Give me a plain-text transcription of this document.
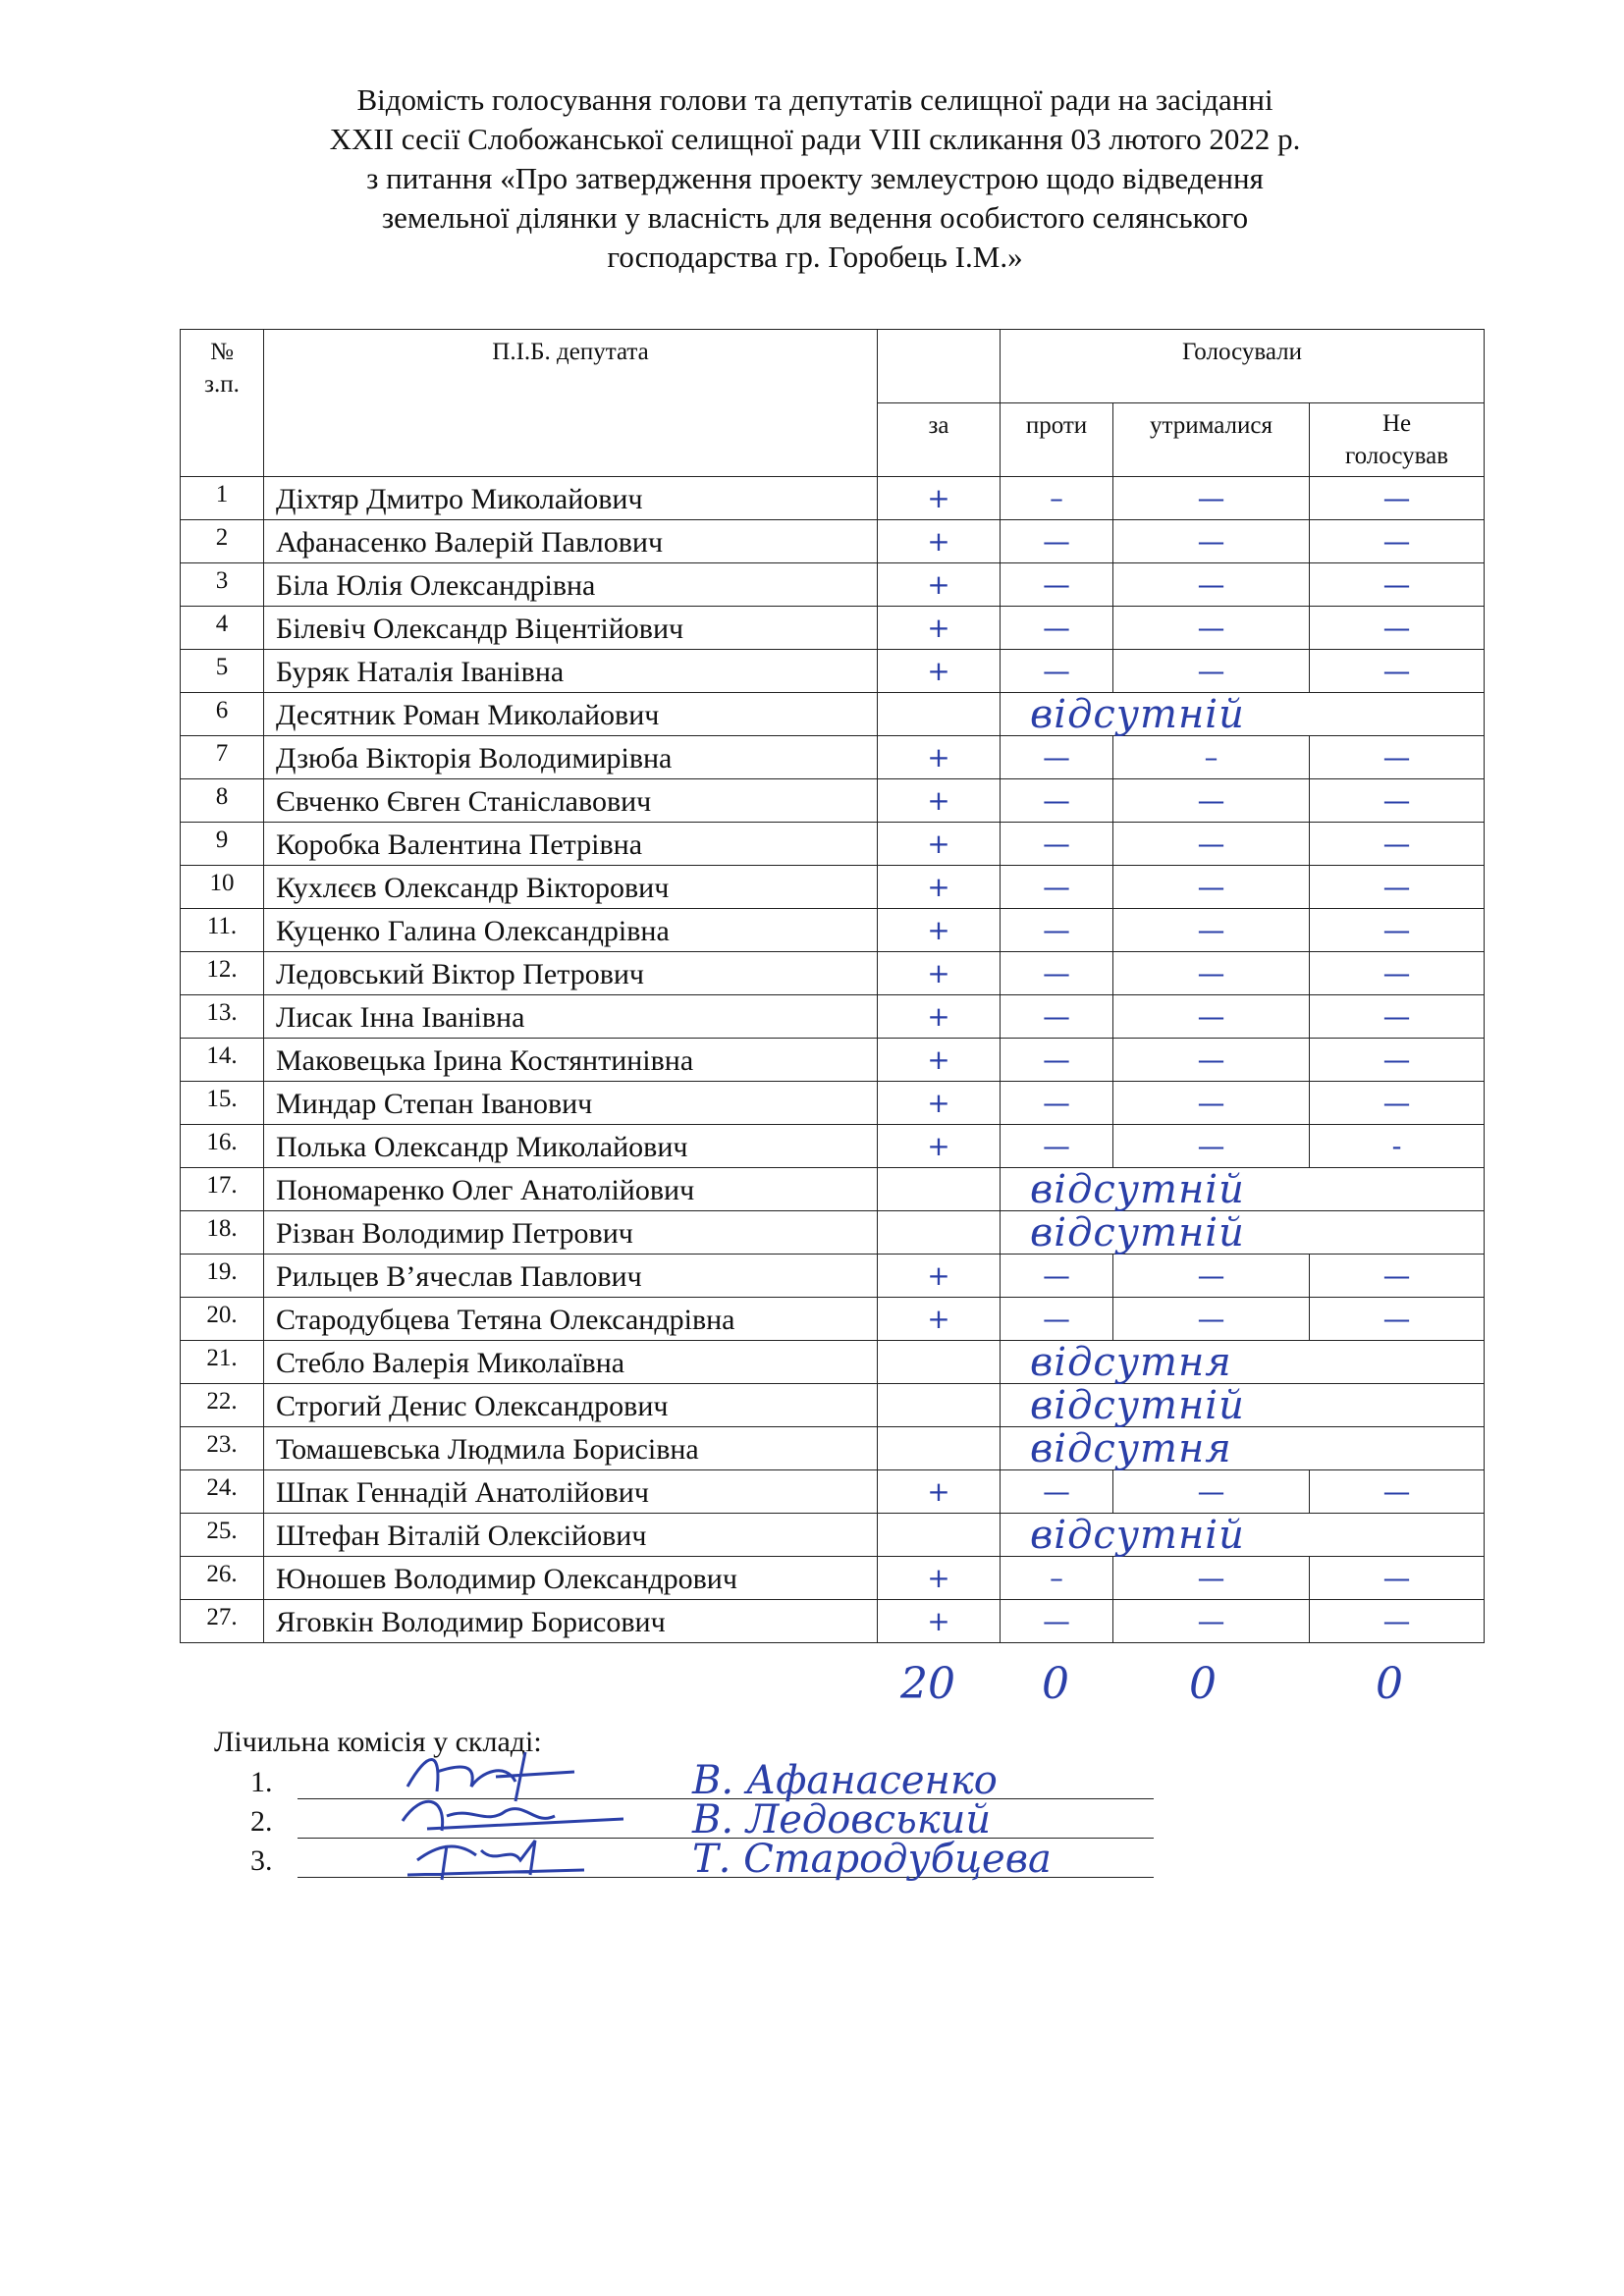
Відомість голосування голови та депутатів селищної ради на засіданні
XXII сесії Слобожанської селищної ради VIII скликання 03 лютого 2022 р.
з питання «Про затвердження проекту землеустрою щодо відведення
земельної ділянки у власність для ведення особистого селянського
господарства гр. Горобець І.М.»
№
з.п.	П.І.Б. депутата		Голосували		
		за	проти	утрималися	Не
голосував

1	Діхтяр Дмитро Миколайович	+	–	—	—
2	Афанасенко Валерій Павлович	+	—	—	—
3	Біла Юлія Олександрівна	+	—	—	—
4	Білевіч Олександр Віцентійович	+	—	—	—
5	Буряк Наталія Іванівна	+	—	—	—
6	Десятник Роман Миколайович		відсутній		

7	Дзюба Вікторія Володимирівна	+	—	–	—
8	Євченко Євген Станіславович	+	—	—	—
9	Коробка Валентина Петрівна	+	—	—	—
10	Кухлєєв Олександр Вікторович	+	—	—	—
11.	Куценко Галина Олександрівна	+	—	—	—
12.	Ледовський Віктор Петрович	+	—	—	—
13.	Лисак Інна Іванівна	+	—	—	—
14.	Маковецька Ірина Костянтинівна	+	—	—	—
15.	Миндар Степан Іванович	+	—	—	—
16.	Полька Олександр Миколайович	+	—	—	-
17.	Пономаренко Олег Анатолійович		відсутній		

18.	Різван Володимир Петрович		відсутній		

19.	Рильцев В’ячеслав Павлович	+	—	—	—
20.	Стародубцева Тетяна Олександрівна	+	—	—	—
21.	Стебло Валерія Миколаївна		відсутня		

22.	Строгий Денис Олександрович		відсутній		

23.	Томашевська Людмила Борисівна		відсутня		

24.	Шпак Геннадій Анатолійович	+	—	—	—
25.	Штефан Віталій Олексійович		відсутній		

26.	Юношев Володимир Олександрович	+	–	—	—
27.	Яговкін Володимир Борисович	+	—	—	—
20 0	0	0
Лічильна комісія у складі:
1.	В. Афанасенко
2.	В. Ледовський
3.	Т. Стародубцева
